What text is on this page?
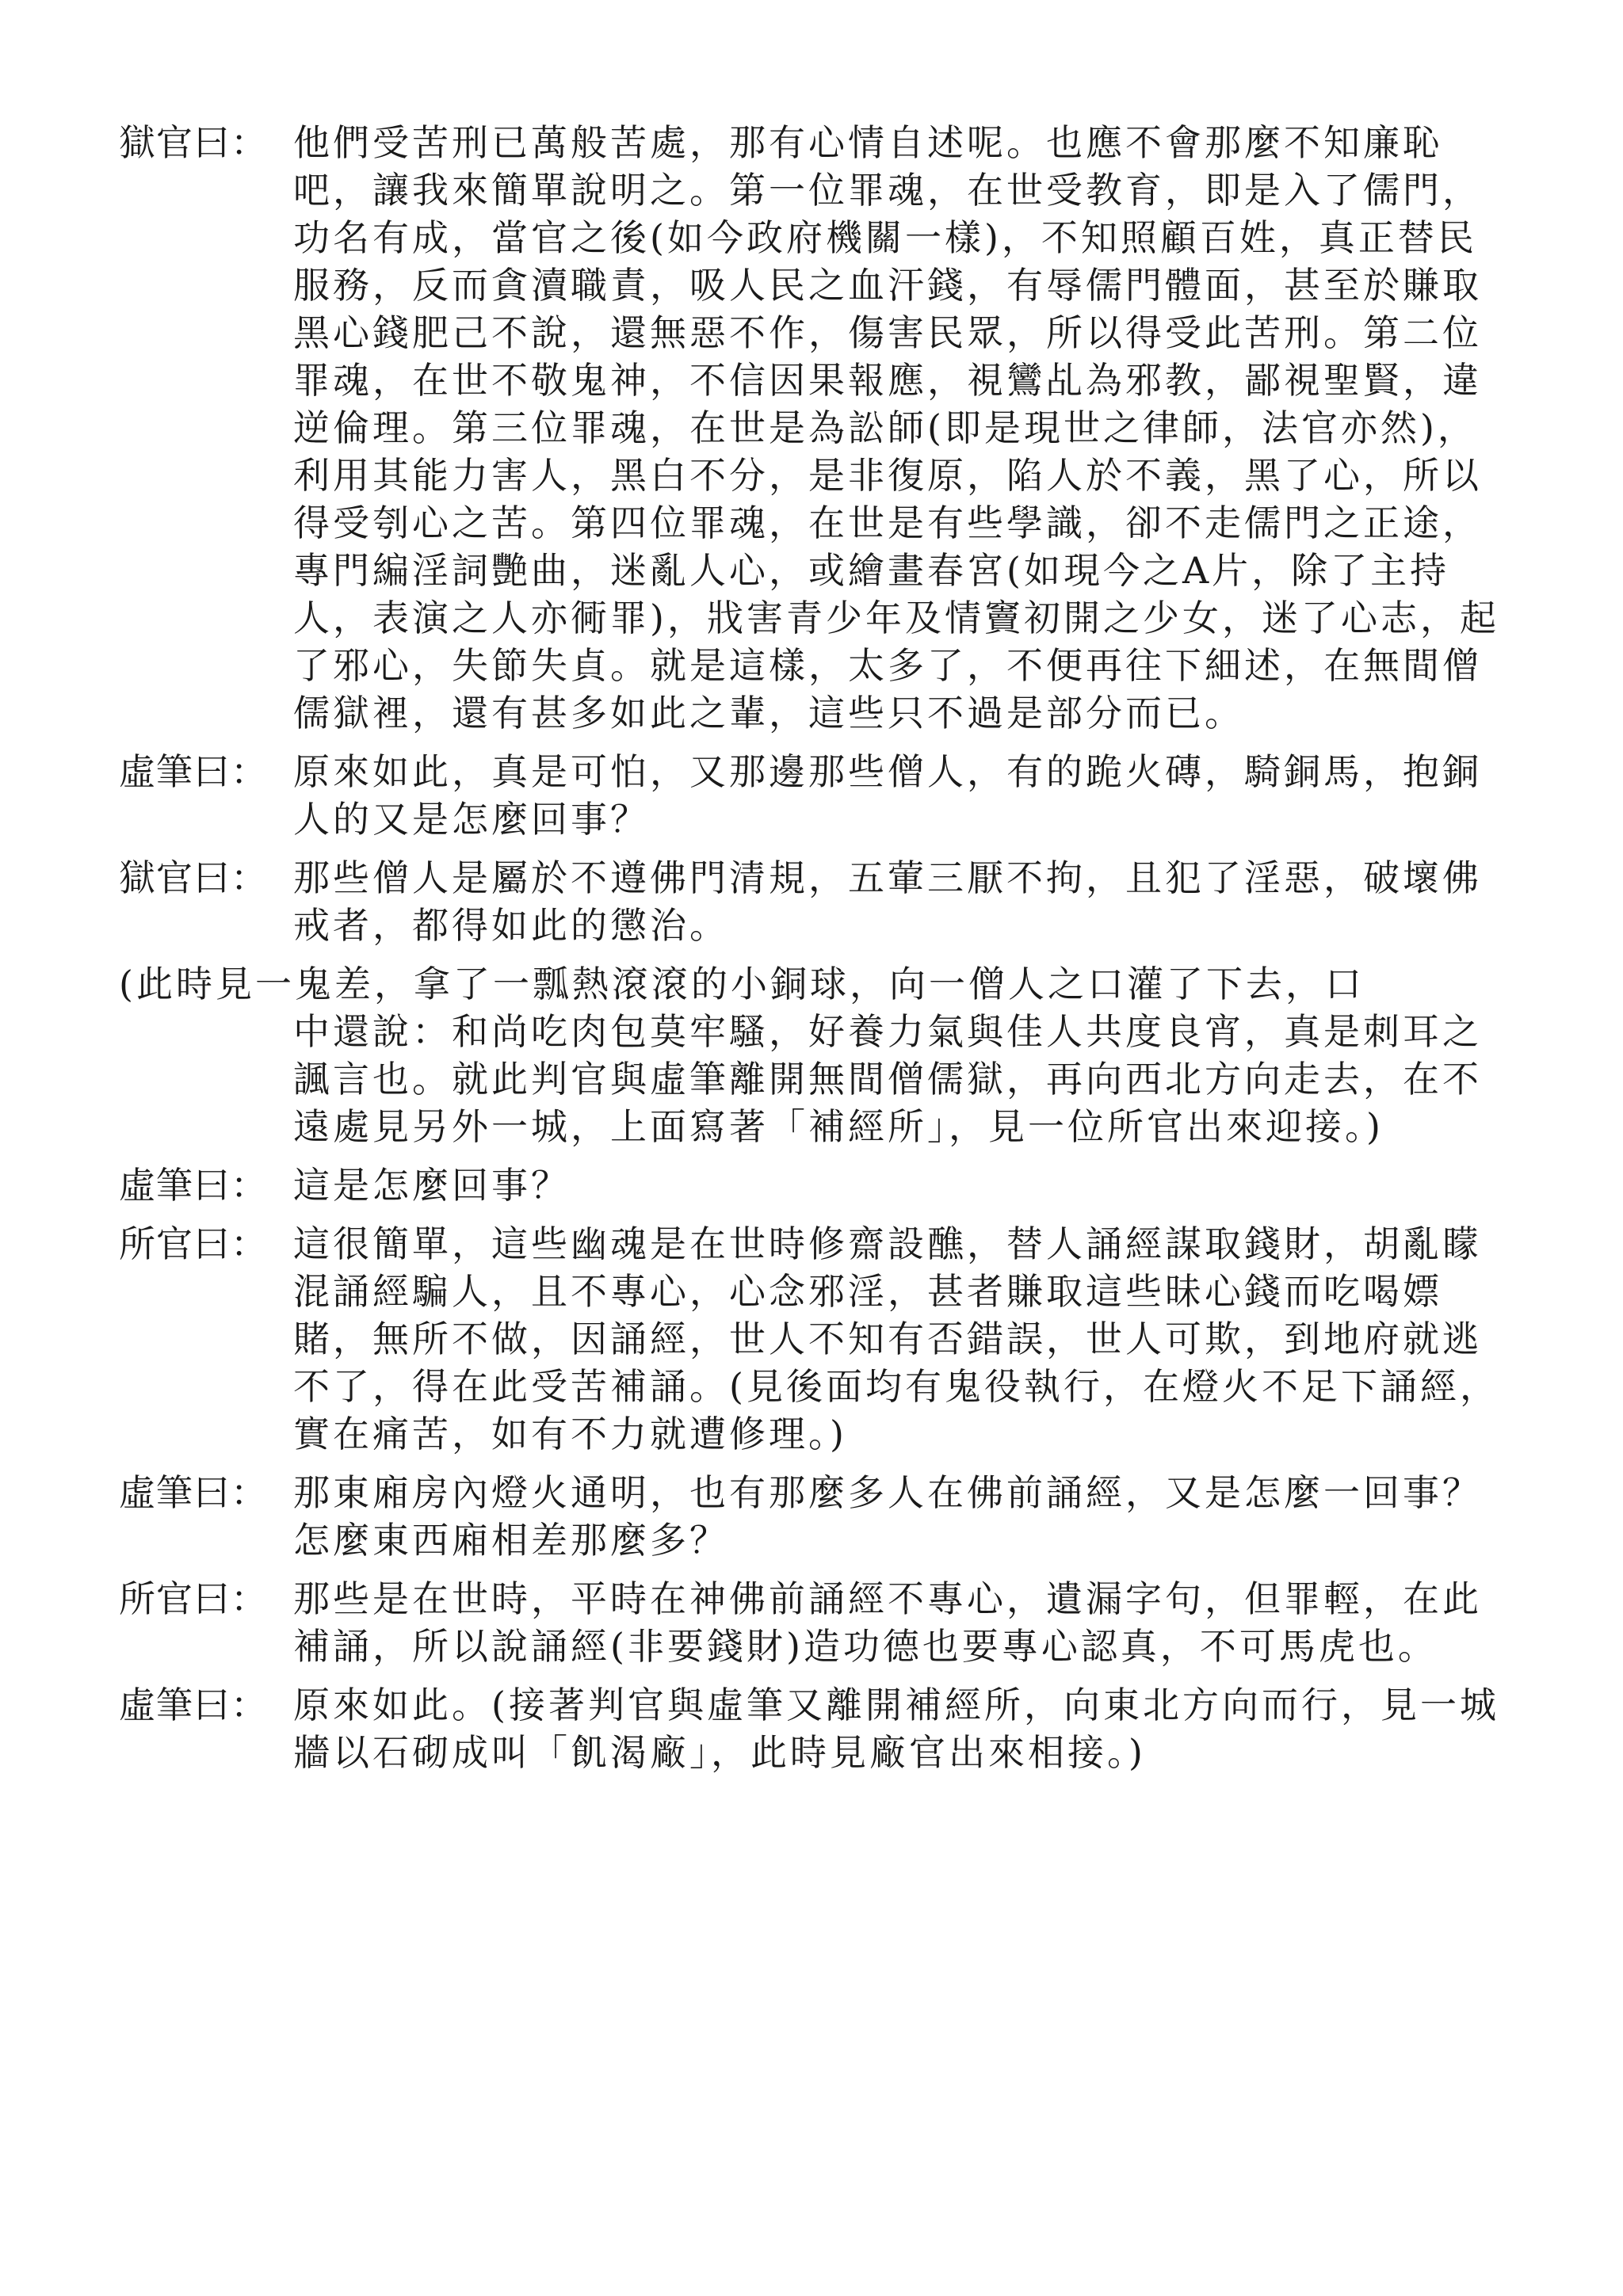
獄官曰： 他們受苦刑已萬般苦處，那有心情自述呢。也應不會那麼不知廉恥吧，讓我來簡單說明之。第一位罪魂，在世受教育，即是入了儒門，功名有成，當官之後(如今政府機關一樣)，不知照顧百姓，真正替民服務，反而貪瀆職責，吸人民之血汗錢，有辱儒門體面，甚至於賺取黑心錢肥己不說，還無惡不作，傷害民眾，所以得受此苦刑。第二位罪魂，在世不敬鬼神，不信因果報應，視鸞乩為邪教，鄙視聖賢，違逆倫理。第三位罪魂，在世是為訟師(即是現世之律師，法官亦然)，利用其能力害人，黑白不分，是非復原，陷人於不義，黑了心，所以得受刳心之苦。第四位罪魂，在世是有些學識，卻不走儒門之正途，專門編淫詞艷曲，迷亂人心，或繪畫春宮(如現今之A片，除了主持人，表演之人亦衕罪)，戕害青少年及情竇初開之少女，迷了心志，起了邪心，失節失貞。就是這樣，太多了，不便再往下細述，在無間僧儒獄裡，還有甚多如此之輩，這些只不過是部分而已。
虛筆曰： 原來如此，真是可怕，又那邊那些僧人，有的跪火磚，騎銅馬，抱銅人的又是怎麼回事？
獄官曰： 那些僧人是屬於不遵佛門清規，五葷三厭不拘，且犯了淫惡，破壞佛戒者，都得如此的懲治。
(此時見一鬼差，拿了一瓢熱滾滾的小銅球，向一僧人之口灌了下去，口
中還說：和尚吃肉包莫牢騷，好養力氣與佳人共度良宵，真是刺耳之諷言也。就此判官與虛筆離開無間僧儒獄，再向西北方向走去，在不遠處見另外一城，上面寫著「補經所」，見一位所官出來迎接。)
虛筆曰： 這是怎麼回事？
所官曰： 這很簡單，這些幽魂是在世時修齋設醮，替人誦經謀取錢財，胡亂矇混誦經騙人，且不專心，心念邪淫，甚者賺取這些昧心錢而吃喝嫖賭，無所不做，因誦經，世人不知有否錯誤，世人可欺，到地府就逃不了，得在此受苦補誦。(見後面均有鬼役執行，在燈火不足下誦經，實在痛苦，如有不力就遭修理。)
虛筆曰： 那東廂房內燈火通明，也有那麼多人在佛前誦經，又是怎麼一回事？怎麼東西廂相差那麼多？
所官曰： 那些是在世時，平時在神佛前誦經不專心，遺漏字句，但罪輕，在此補誦，所以說誦經(非要錢財)造功德也要專心認真，不可馬虎也。
虛筆曰： 原來如此。(接著判官與虛筆又離開補經所，向東北方向而行，見一城牆以石砌成叫「飢渴廠」，此時見廠官出來相接。)
